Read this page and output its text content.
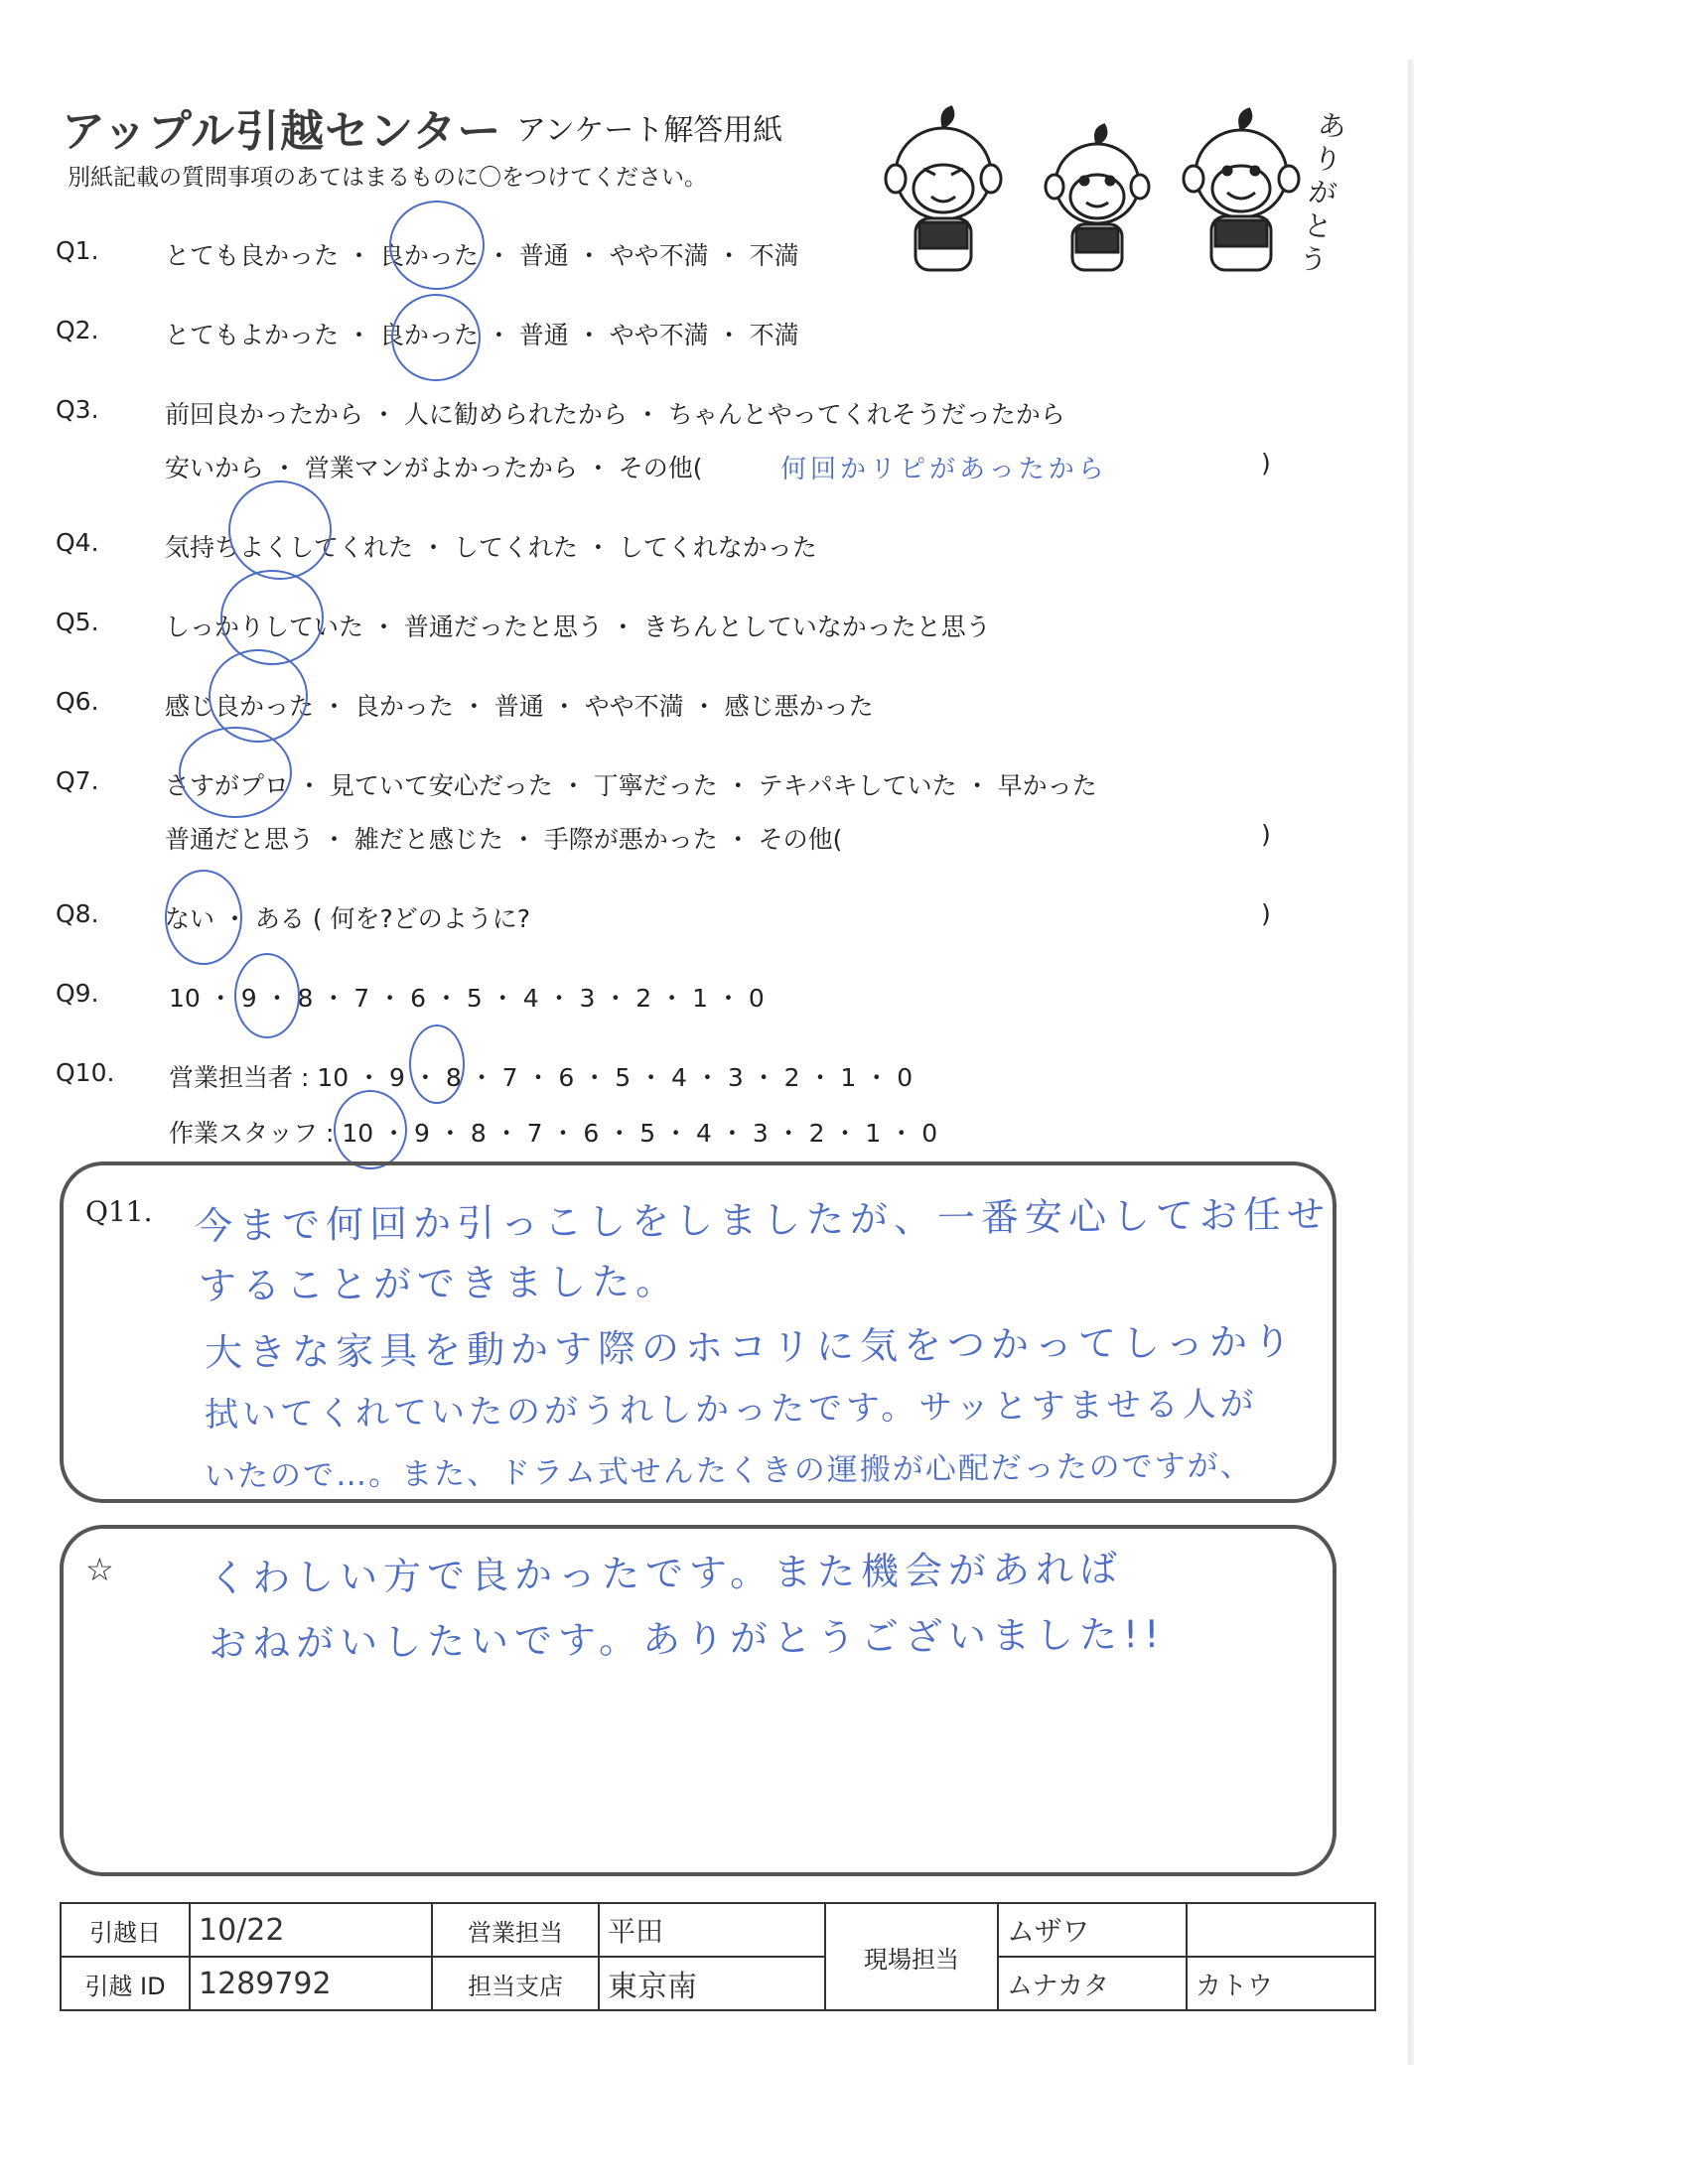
アップル引越センター アンケート解答用紙
別紙記載の質問事項のあてはまるものに〇をつけてください。
ありがとう
Q1.	とても良かった ・ 良かった ・ 普通 ・ やや不満 ・ 不満
Q2.	とてもよかった ・ 良かった ・ 普通 ・ やや不満 ・ 不満
Q3.	前回良かったから ・ 人に勧められたから ・ ちゃんとやってくれそうだったから
安いから ・ 営業マンがよかったから ・ その他(	何回かリピがあったから	)
Q4.	気持ちよくしてくれた ・ してくれた ・ してくれなかった
Q5.	しっかりしていた ・ 普通だったと思う ・ きちんとしていなかったと思う
Q6.	感じ良かった ・ 良かった ・ 普通 ・ やや不満 ・ 感じ悪かった
Q7.	さすがプロ ・ 見ていて安心だった ・ 丁寧だった ・ テキパキしていた ・ 早かった
普通だと思う ・ 雑だと感じた ・ 手際が悪かった ・ その他(	)
Q8.	ない ・ ある ( 何を?どのように?	)
Q9.	10 ・ 9 ・ 8 ・ 7 ・ 6 ・ 5 ・ 4 ・ 3 ・ 2 ・ 1 ・ 0
Q10. 営業担当者 : 10 ・ 9 ・ 8 ・ 7 ・ 6 ・ 5 ・ 4 ・ 3 ・ 2 ・ 1 ・ 0
作業スタッフ : 10 ・ 9 ・ 8 ・ 7 ・ 6 ・ 5 ・ 4 ・ 3 ・ 2 ・ 1 ・ 0
Q11. 今まで何回か引っこしをしましたが、一番安心してお任せ
することができました。
大きな家具を動かす際のホコリに気をつかってしっかり
拭いてくれていたのがうれしかったです。サッとすませる人が
いたので…。また、ドラム式せんたくきの運搬が心配だったのですが、
☆	くわしい方で良かったです。また機会があれば
おねがいしたいです。ありがとうございました!!
引越日	10/22	営業担当	平田	現場担当	ムザワ	
引越 ID	1289792	担当支店	東京南		ムナカタ	カトウ
